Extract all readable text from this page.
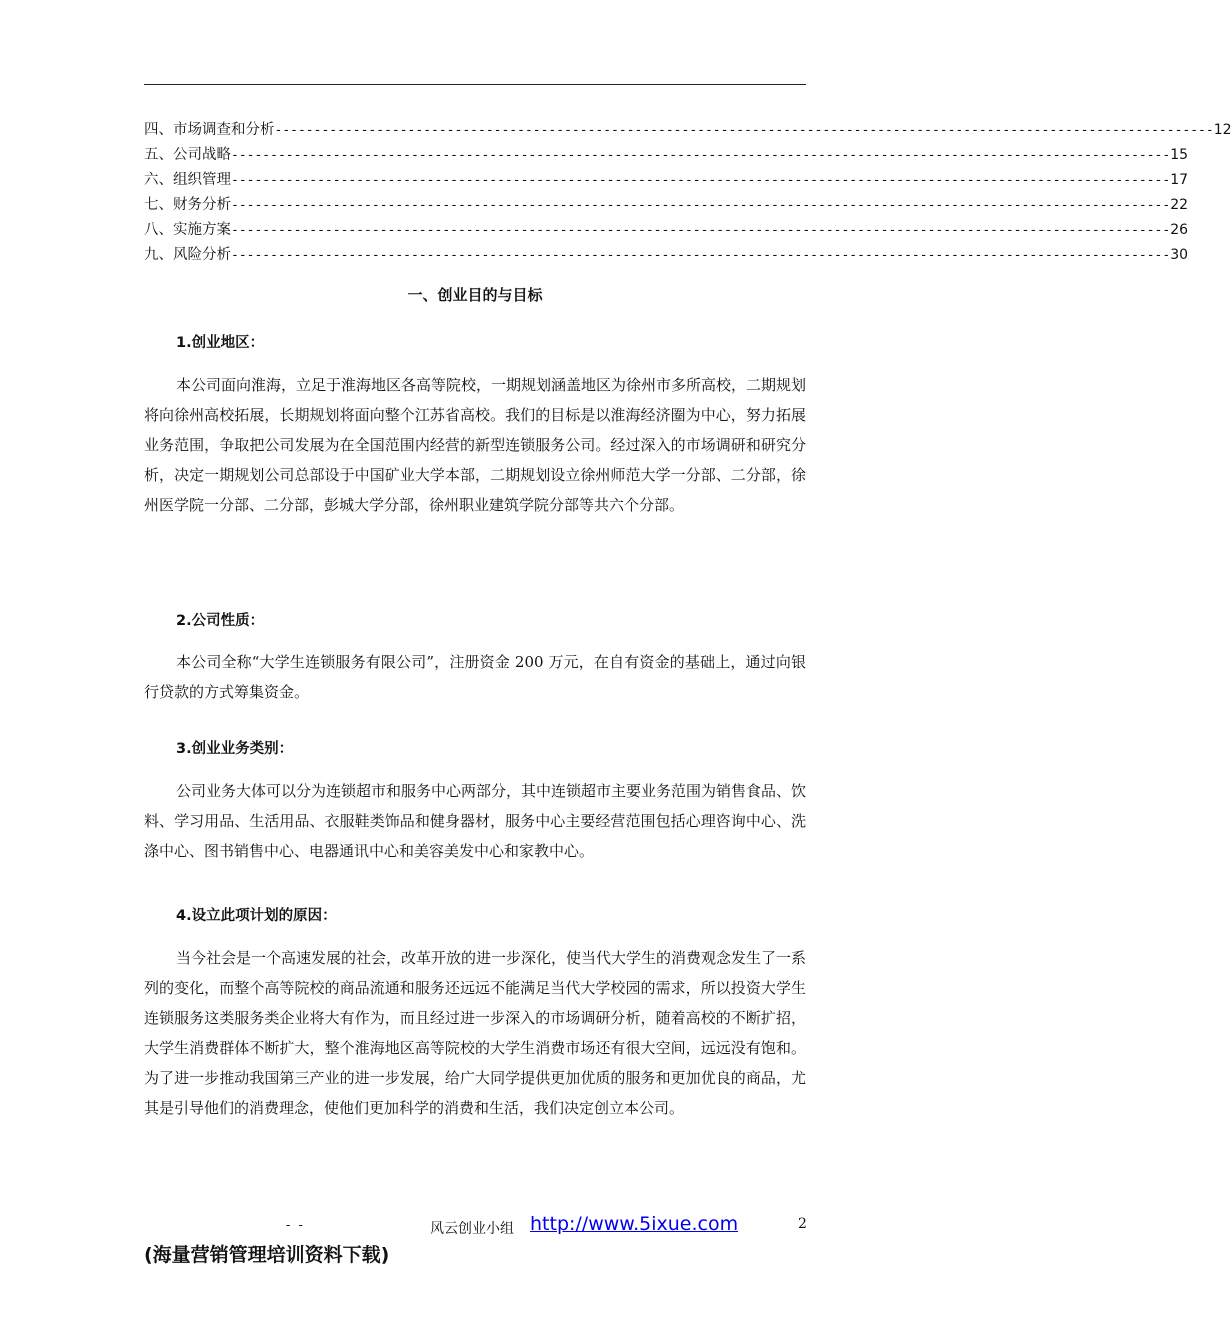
四、市场调查和分析 ------------------------------------------------------------------------------------------------------------------------ 12
五、公司战略 ------------------------------------------------------------------------------------------------------------------------ 15
六、组织管理 ------------------------------------------------------------------------------------------------------------------------ 17
七、财务分析 ------------------------------------------------------------------------------------------------------------------------ 22
八、实施方案 ------------------------------------------------------------------------------------------------------------------------ 26
九、风险分析 ------------------------------------------------------------------------------------------------------------------------ 30
一、创业目的与目标
1.创业地区：
本公司面向淮海，立足于淮海地区各高等院校，一期规划涵盖地区为徐州市多所高校，二期规划将向徐州高校拓展，长期规划将面向整个江苏省高校。我们的目标是以淮海经济圈为中心，努力拓展业务范围，争取把公司发展为在全国范围内经营的新型连锁服务公司。经过深入的市场调研和研究分析，决定一期规划公司总部设于中国矿业大学本部，二期规划设立徐州师范大学一分部、二分部，徐州医学院一分部、二分部，彭城大学分部，徐州职业建筑学院分部等共六个分部。
2.公司性质：
本公司全称“大学生连锁服务有限公司”，注册资金 200 万元，在自有资金的基础上，通过向银行贷款的方式筹集资金。
3.创业业务类别：
公司业务大体可以分为连锁超市和服务中心两部分，其中连锁超市主要业务范围为销售食品、饮料、学习用品、生活用品、衣服鞋类饰品和健身器材，服务中心主要经营范围包括心理咨询中心、洗涤中心、图书销售中心、电器通讯中心和美容美发中心和家教中心。
4.设立此项计划的原因：
当今社会是一个高速发展的社会，改革开放的进一步深化，使当代大学生的消费观念发生了一系列的变化，而整个高等院校的商品流通和服务还远远不能满足当代大学校园的需求，所以投资大学生连锁服务这类服务类企业将大有作为，而且经过进一步深入的市场调研分析，随着高校的不断扩招，大学生消费群体不断扩大，整个淮海地区高等院校的大学生消费市场还有很大空间，远远没有饱和。为了进一步推动我国第三产业的进一步发展，给广大同学提供更加优质的服务和更加优良的商品，尤其是引导他们的消费理念，使他们更加科学的消费和生活，我们决定创立本公司。
- -	风云创业小组 http://www.5ixue.com	2
(海量营销管理培训资料下载)
